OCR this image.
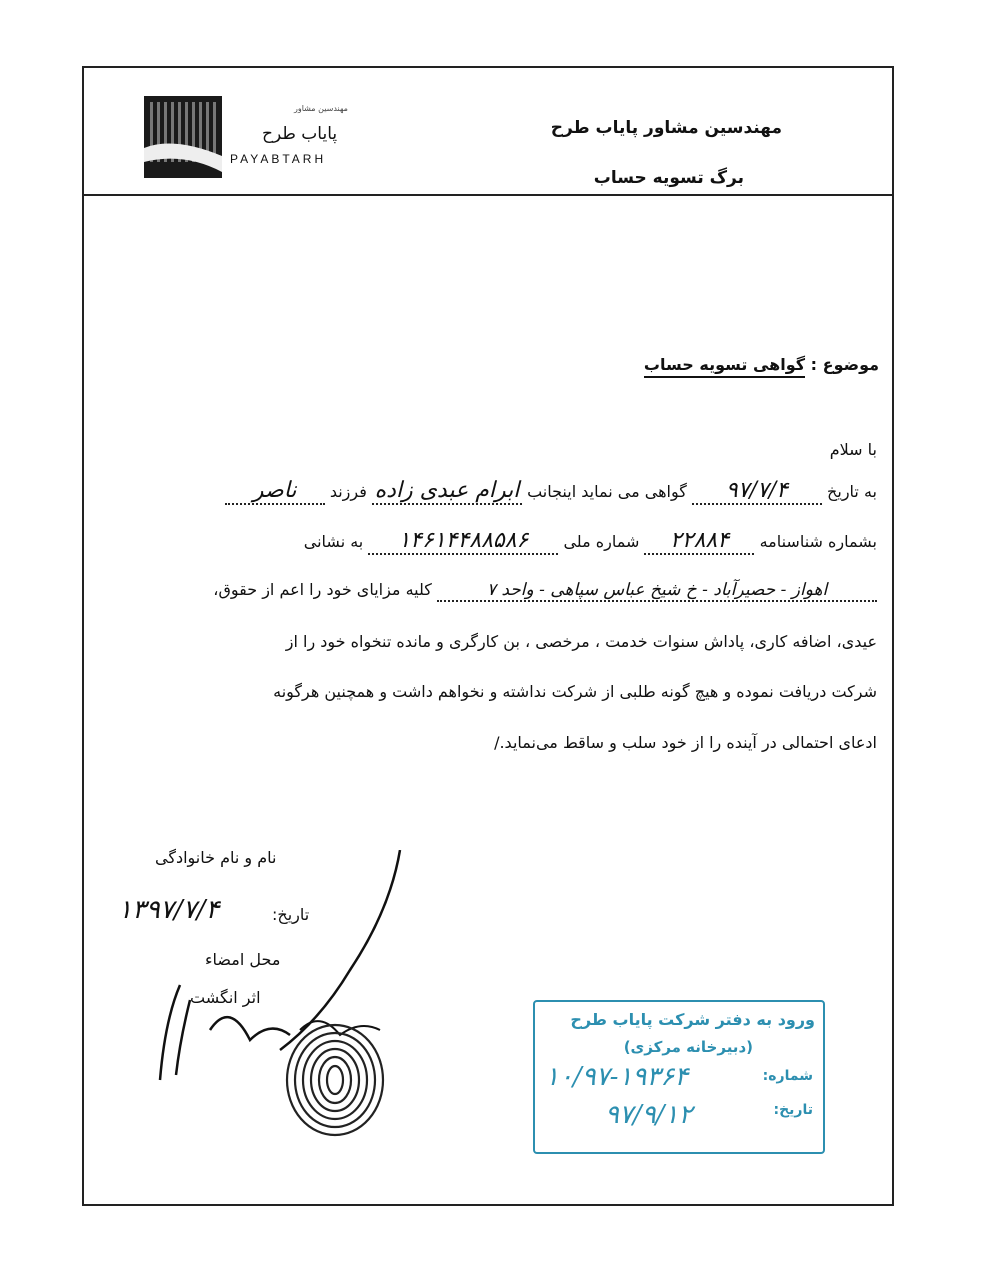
مهندسين مشاور
پاياب طرح
PAYABTARH
مهندسين مشاور پاياب طرح
برگ تسويه حساب
موضوع : گواهی تسويه حساب
با سلام
به تاريخ ۹۷/۷/۴ گواهی می نمايد اينجانب ابرام عبدی زاده فرزند ناصر
بشماره شناسنامه ۲۲۸۸۴ شماره ملی ۱۴۶۱۴۴۸۸۵۸۶ به نشانی
اهواز - حصیرآباد - خ شیخ عباس سپاهی - واحد ۷ کليه مزايای خود را اعم از حقوق،
عيدی، اضافه کاری، پاداش سنوات خدمت ، مرخصی ، بن کارگری و مانده تنخواه خود را از
شرکت دريافت نموده و هيچ گونه طلبی از شرکت نداشته و نخواهم داشت و همچنين هرگونه
ادعای احتمالی در آينده را از خود سلب و ساقط می‌نمايد./
نام و نام خانوادگی
تاريخ:
۱۳۹۷/۷/۴
محل امضاء
اثر انگشت
ورود به دفتر شرکت پاياب طرح
(دبيرخانه مرکزی)
شماره:
۱۰/۹۷-۱۹۳۶۴
تاريخ:
۹۷/۹/۱۲
